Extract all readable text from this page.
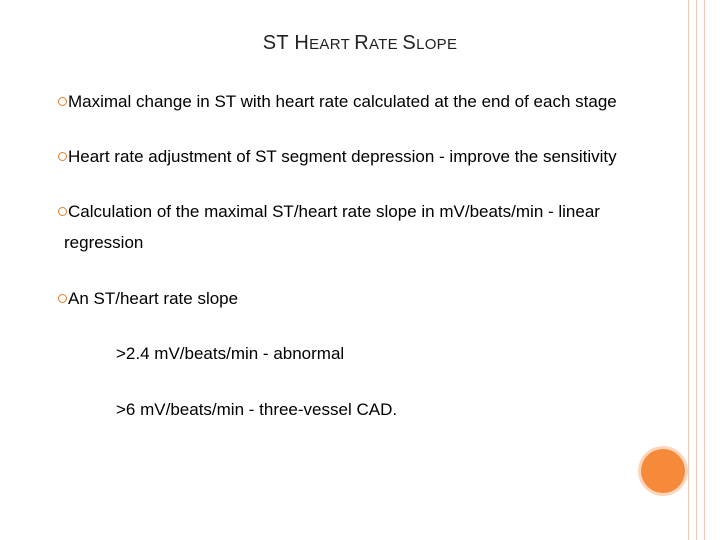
ST HEART RATE SLOPE
Maximal change in ST with heart rate calculated at the end of each stage
Heart rate adjustment of ST segment depression - improve the sensitivity
Calculation of the maximal ST/heart rate slope in mV/beats/min - linear
regression
An ST/heart rate slope
>2.4 mV/beats/min - abnormal
>6 mV/beats/min - three-vessel CAD.
